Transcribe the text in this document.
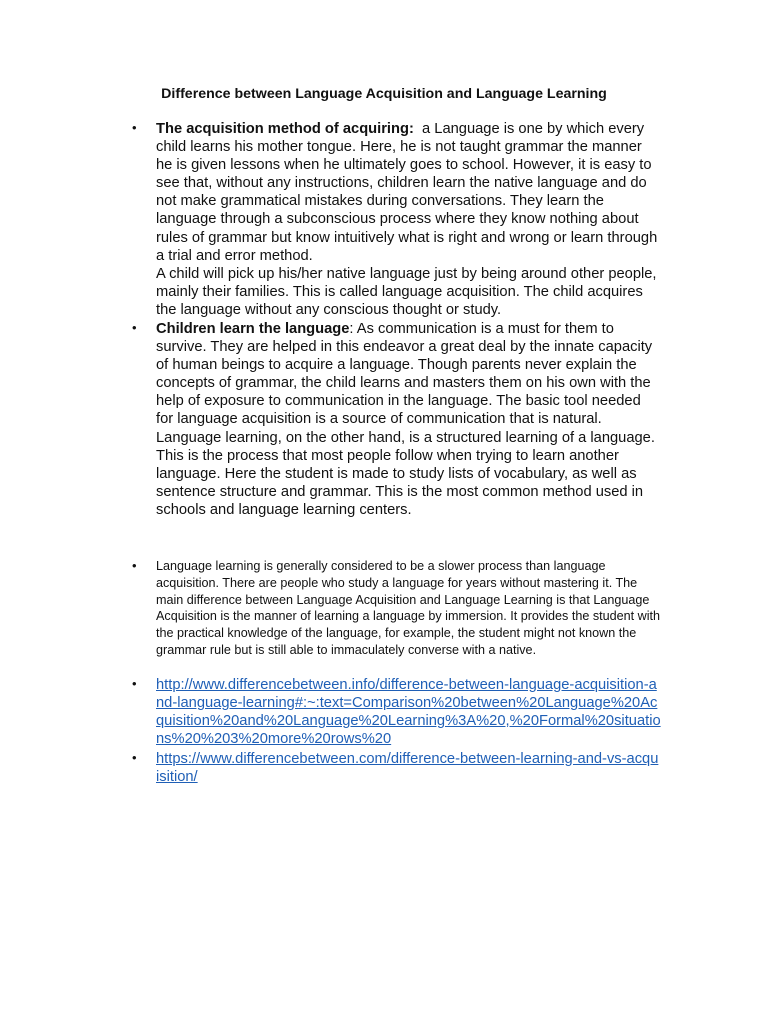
Difference between Language Acquisition and Language Learning
• The acquisition method of acquiring: a Language is one by which every child learns his mother tongue. Here, he is not taught grammar the manner he is given lessons when he ultimately goes to school. However, it is easy to see that, without any instructions, children learn the native language and do not make grammatical mistakes during conversations. They learn the language through a subconscious process where they know nothing about rules of grammar but know intuitively what is right and wrong or learn through a trial and error method.

A child will pick up his/her native language just by being around other people, mainly their families. This is called language acquisition. The child acquires the language without any conscious thought or study.

• Children learn the language: As communication is a must for them to survive. They are helped in this endeavor a great deal by the innate capacity of human beings to acquire a language. Though parents never explain the concepts of grammar, the child learns and masters them on his own with the help of exposure to communication in the language. The basic tool needed for language acquisition is a source of communication that is natural.

Language learning, on the other hand, is a structured learning of a language. This is the process that most people follow when trying to learn another language. Here the student is made to study lists of vocabulary, as well as sentence structure and grammar. This is the most common method used in schools and language learning centers.

• Language learning is generally considered to be a slower process than language acquisition. There are people who study a language for years without mastering it. The main difference between Language Acquisition and Language Learning is that Language Acquisition is the manner of learning a language by immersion. It provides the student with the practical knowledge of the language, for example, the student might not known the grammar rule but is still able to immaculately converse with a native.

• http://www.differencebetween.info/difference-between-language-acquisition-and-language-learning#:~:text=Comparison%20between%20Language%20Acquisition%20and%20Language%20Learning%3A%20,%20Formal%20situations%20%203%20more%20rows%20
• https://www.differencebetween.com/difference-between-learning-and-vs-acquisition/
